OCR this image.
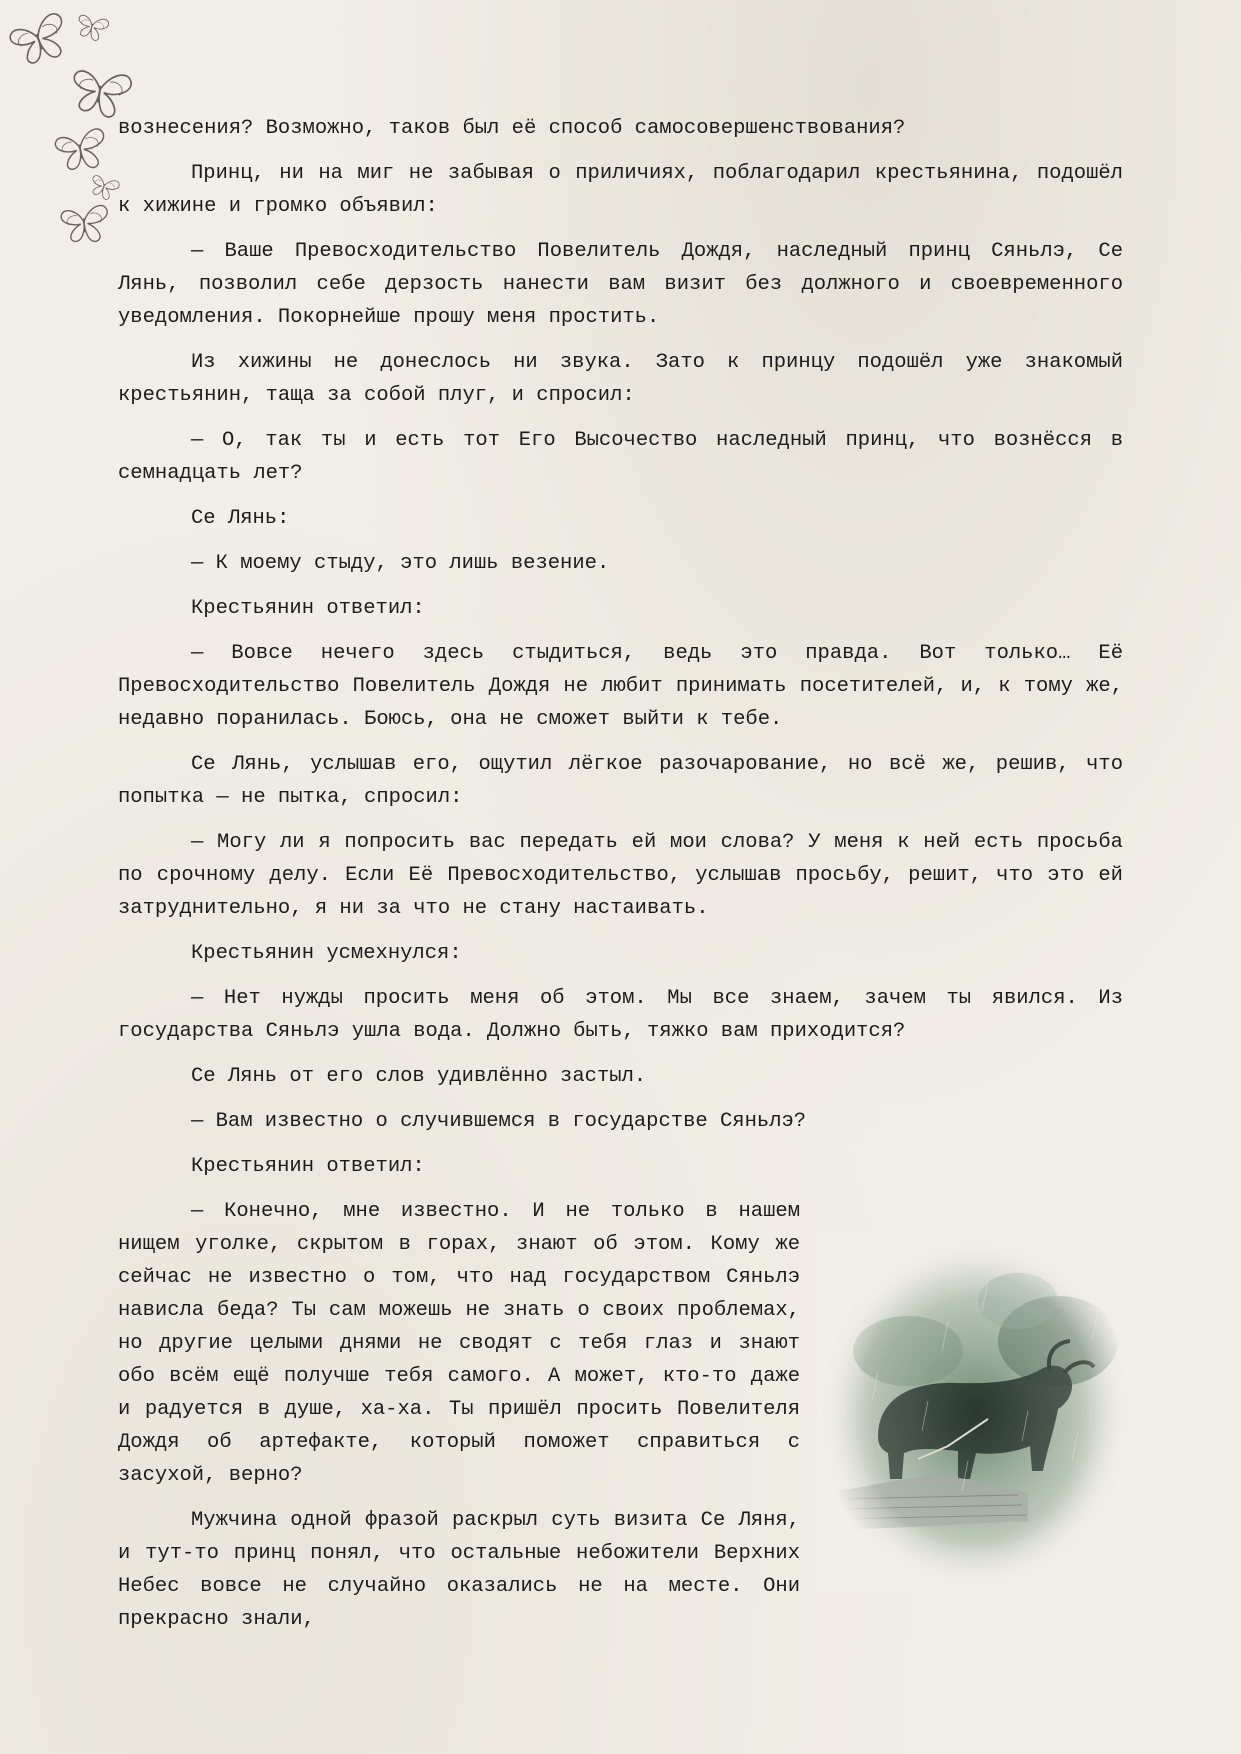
вознесения? Возможно, таков был её способ самосовершенствования?

Принц, ни на миг не забывая о приличиях, поблагодарил крестьянина, подошёл к хижине и громко объявил:

— Ваше Превосходительство Повелитель Дождя, наследный принц Сяньлэ, Се Лянь, позволил себе дерзость нанести вам визит без должного и своевременного уведомления. Покорнейше прошу меня простить.

Из хижины не донеслось ни звука. Зато к принцу подошёл уже знакомый крестьянин, таща за собой плуг, и спросил:

— О, так ты и есть тот Его Высочество наследный принц, что вознёсся в семнадцать лет?

Се Лянь:

— К моему стыду, это лишь везение.

Крестьянин ответил:

— Вовсе нечего здесь стыдиться, ведь это правда. Вот только… Её Превосходительство Повелитель Дождя не любит принимать посетителей, и, к тому же, недавно поранилась. Боюсь, она не сможет выйти к тебе.

Се Лянь, услышав его, ощутил лёгкое разочарование, но всё же, решив, что попытка — не пытка, спросил:

— Могу ли я попросить вас передать ей мои слова? У меня к ней есть просьба по срочному делу. Если Её Превосходительство, услышав просьбу, решит, что это ей затруднительно, я ни за что не стану настаивать.

Крестьянин усмехнулся:

— Нет нужды просить меня об этом. Мы все знаем, зачем ты явился. Из государства Сяньлэ ушла вода. Должно быть, тяжко вам приходится?

Се Лянь от его слов удивлённо застыл.

— Вам известно о случившемся в государстве Сяньлэ?

Крестьянин ответил:

— Конечно, мне известно. И не только в нашем нищем уголке, скрытом в горах, знают об этом. Кому же сейчас не известно о том, что над государством Сяньлэ нависла беда? Ты сам можешь не знать о своих проблемах, но другие целыми днями не сводят с тебя глаз и знают обо всём ещё получше тебя самого. А может, кто-то даже и радуется в душе, ха-ха. Ты пришёл просить Повелителя Дождя об артефакте, который поможет справиться с засухой, верно?

Мужчина одной фразой раскрыл суть визита Се Ляня, и тут-то принц понял, что остальные небожители Верхних Небес вовсе не случайно оказались не на месте. Они прекрасно знали,
